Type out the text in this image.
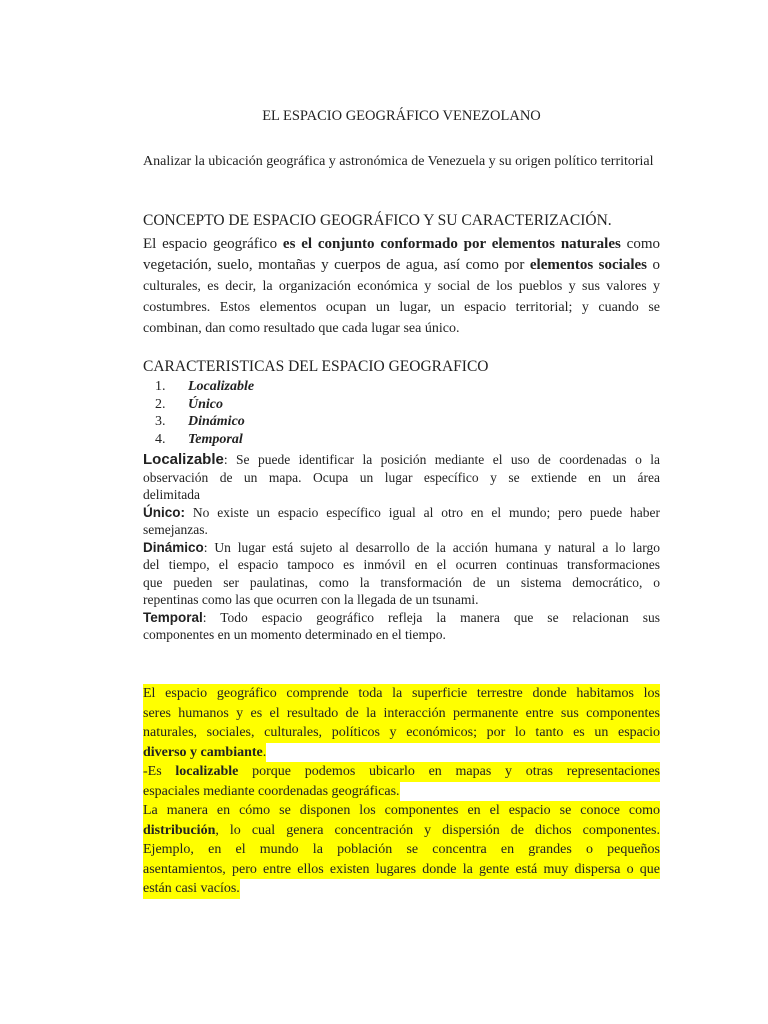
EL ESPACIO GEOGRÁFICO VENEZOLANO
Analizar la ubicación geográfica y astronómica de Venezuela y su origen político territorial
CONCEPTO DE ESPACIO GEOGRÁFICO Y SU CARACTERIZACIÓN.
El espacio geográfico es el conjunto conformado por elementos naturales como
vegetación, suelo, montañas y cuerpos de agua, así como por elementos sociales o
culturales, es decir, la organización económica y social de los pueblos y sus valores y
costumbres. Estos elementos ocupan un lugar, un espacio territorial; y cuando se
combinan, dan como resultado que cada lugar sea único.
CARACTERISTICAS DEL ESPACIO GEOGRAFICO
1.	Localizable
2.	Único
3.	Dinámico
4.	Temporal
Localizable: Se puede identificar la posición mediante el uso de coordenadas o la
observación de un mapa. Ocupa un lugar específico y se extiende en un área
delimitada
Único: No existe un espacio específico igual al otro en el mundo; pero puede haber
semejanzas.
Dinámico: Un lugar está sujeto al desarrollo de la acción humana y natural a lo largo
del tiempo, el espacio tampoco es inmóvil en el ocurren continuas transformaciones
que pueden ser paulatinas, como la transformación de un sistema democrático, o
repentinas como las que ocurren con la llegada de un tsunami.
Temporal: Todo espacio geográfico refleja la manera que se relacionan sus
componentes en un momento determinado en el tiempo.
El espacio geográfico comprende toda la superficie terrestre donde habitamos los
seres humanos y es el resultado de la interacción permanente entre sus componentes
naturales, sociales, culturales, políticos y económicos; por lo tanto es un espacio
diverso y cambiante.
-Es localizable porque podemos ubicarlo en mapas y otras representaciones
espaciales mediante coordenadas geográficas.
La manera en cómo se disponen los componentes en el espacio se conoce como
distribución, lo cual genera concentración y dispersión de dichos componentes.
Ejemplo, en el mundo la población se concentra en grandes o pequeños
asentamientos, pero entre ellos existen lugares donde la gente está muy dispersa o que
están casi vacíos.
